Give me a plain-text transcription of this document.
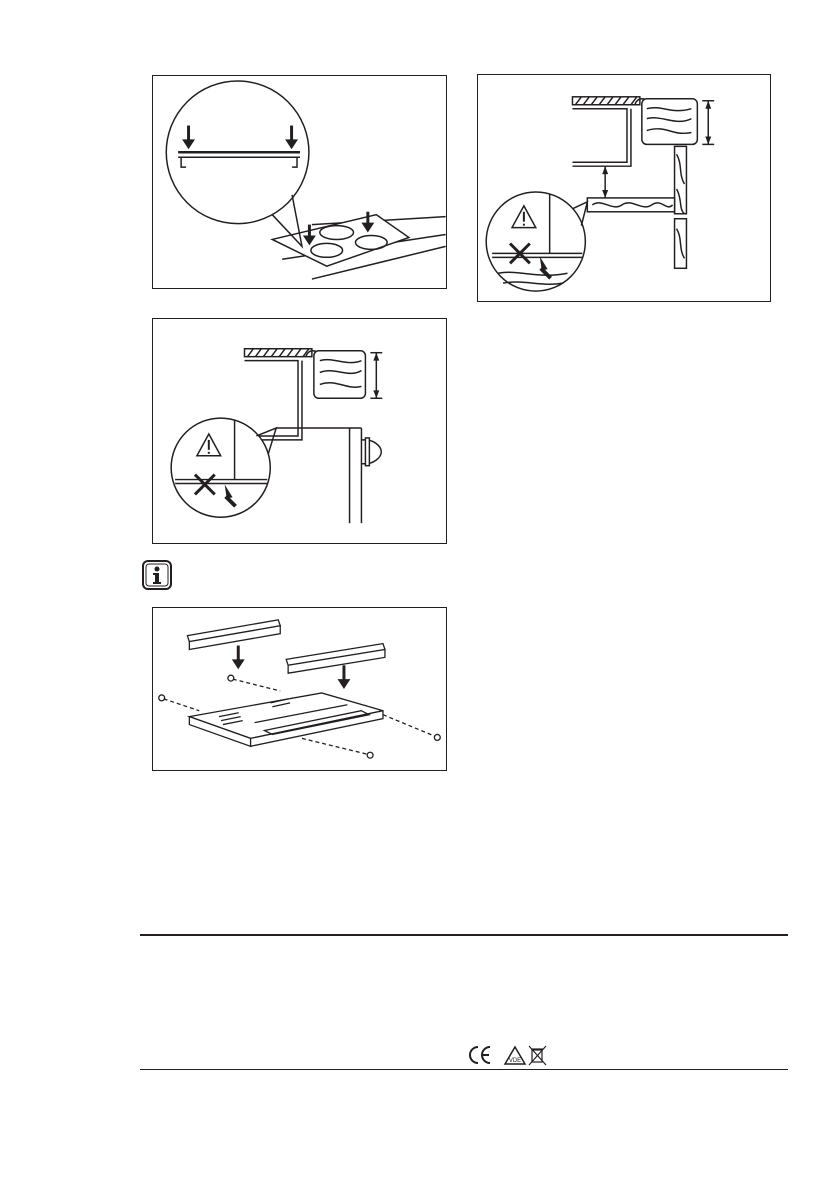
VDE
